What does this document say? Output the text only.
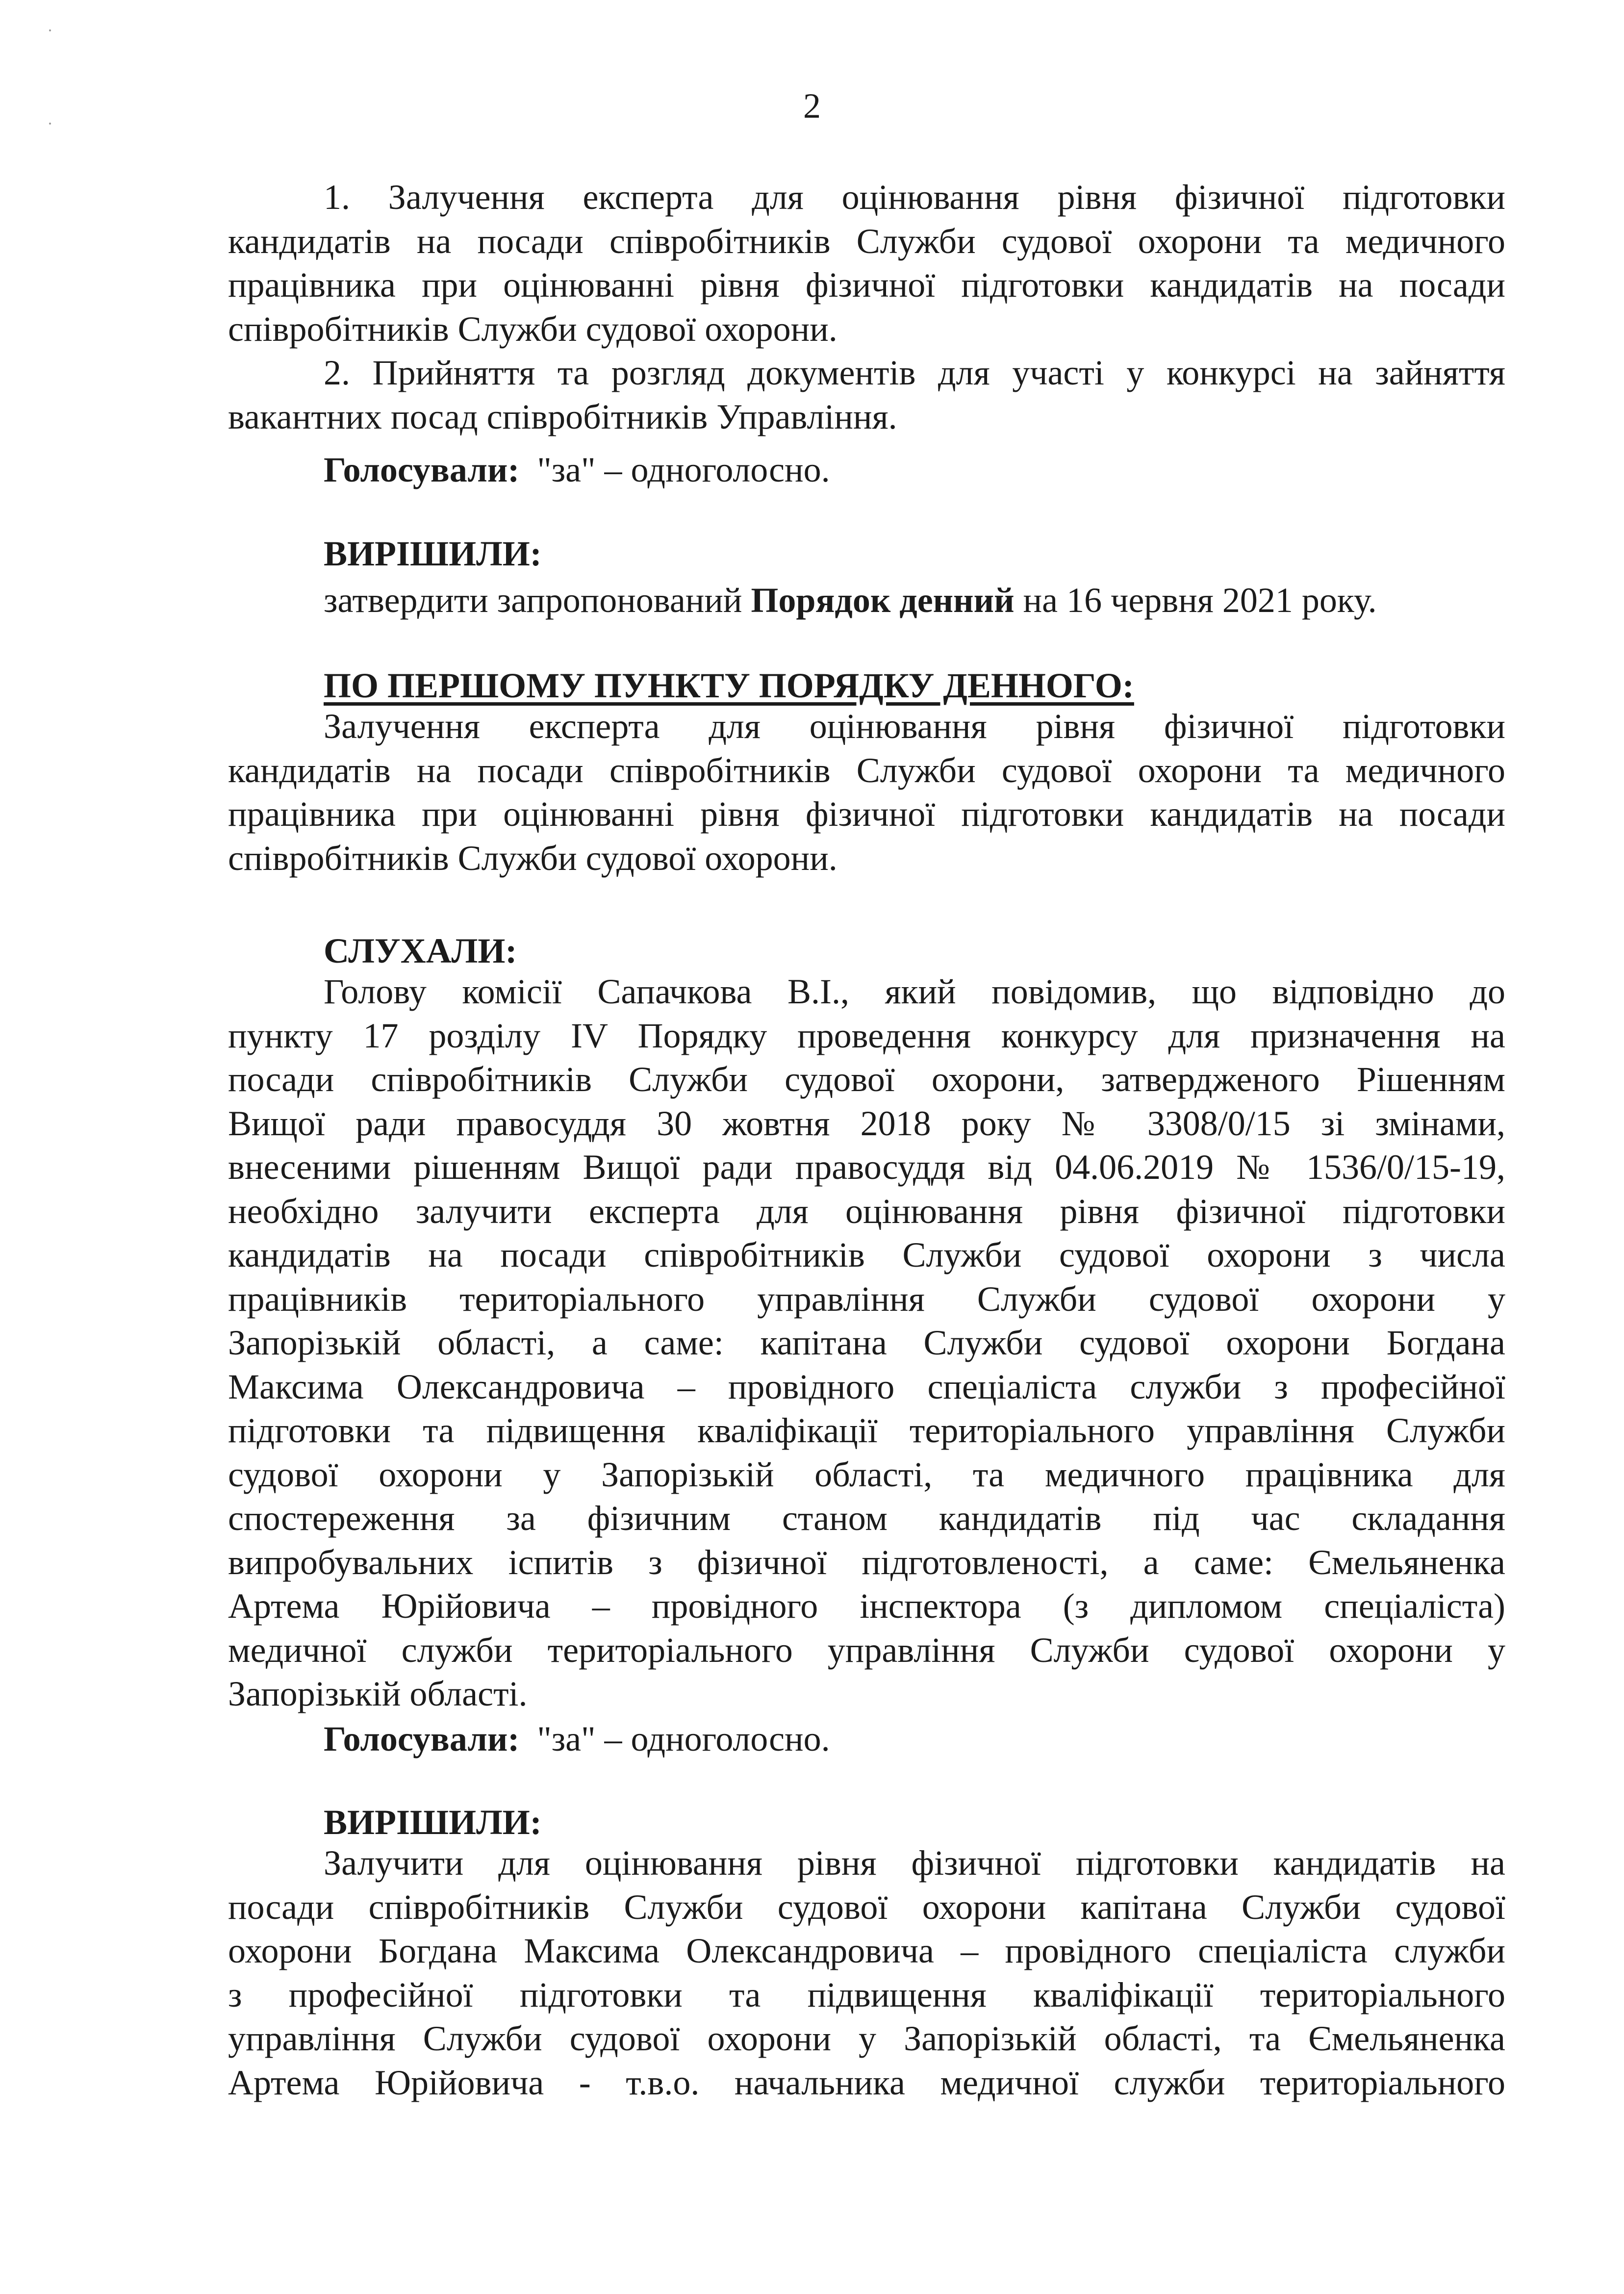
2
1. Залучення експерта для оцінювання рівня фізичної підготовки
кандидатів на посади співробітників Служби судової охорони та медичного
працівника при оцінюванні рівня фізичної підготовки кандидатів на посади
співробітників Служби судової охорони.
2. Прийняття та розгляд документів для участі у конкурсі на зайняття
вакантних посад співробітників Управління.
Голосували: "за" – одноголосно.
ВИРІШИЛИ:
затвердити запропонований Порядок денний на 16 червня 2021 року.
ПО ПЕРШОМУ ПУНКТУ ПОРЯДКУ ДЕННОГО:
Залучення експерта для оцінювання рівня фізичної підготовки
кандидатів на посади співробітників Служби судової охорони та медичного
працівника при оцінюванні рівня фізичної підготовки кандидатів на посади
співробітників Служби судової охорони.
СЛУХАЛИ:
Голову комісії Сапачкова В.І., який повідомив, що відповідно до
пункту 17 розділу IV Порядку проведення конкурсу для призначення на
посади співробітників Служби судової охорони, затвердженого Рішенням
Вищої ради правосуддя 30 жовтня 2018 року № 3308/0/15 зі змінами,
внесеними рішенням Вищої ради правосуддя від 04.06.2019 № 1536/0/15-19,
необхідно залучити експерта для оцінювання рівня фізичної підготовки
кандидатів на посади співробітників Служби судової охорони з числа
працівників територіального управління Служби судової охорони у
Запорізькій області, а саме: капітана Служби судової охорони Богдана
Максима Олександровича – провідного спеціаліста служби з професійної
підготовки та підвищення кваліфікації територіального управління Служби
судової охорони у Запорізькій області, та медичного працівника для
спостереження за фізичним станом кандидатів під час складання
випробувальних іспитів з фізичної підготовленості, а саме: Ємельяненка
Артема Юрійовича – провідного інспектора (з дипломом спеціаліста)
медичної служби територіального управління Служби судової охорони у
Запорізькій області.
Голосували: "за" – одноголосно.
ВИРІШИЛИ:
Залучити для оцінювання рівня фізичної підготовки кандидатів на
посади співробітників Служби судової охорони капітана Служби судової
охорони Богдана Максима Олександровича – провідного спеціаліста служби
з професійної підготовки та підвищення кваліфікації територіального
управління Служби судової охорони у Запорізькій області, та Ємельяненка
Артема Юрійовича - т.в.о. начальника медичної служби територіального
